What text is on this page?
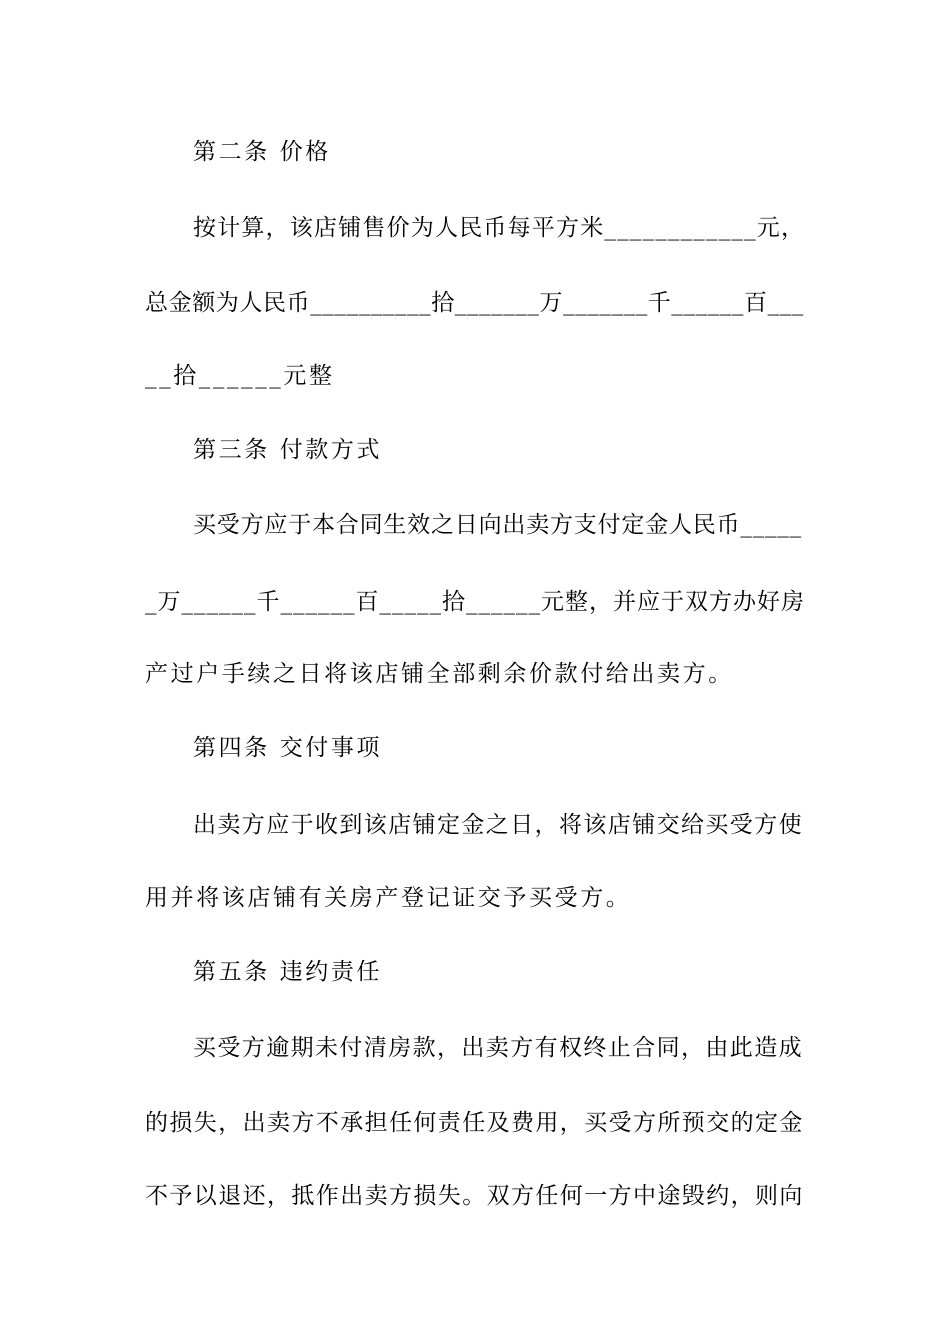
第二条 价格
按计算，该店铺售价为人民币每平方米____________元，
总金额为人民币__________拾_______万_______千______百___
__拾______元整
第三条 付款方式
买受方应于本合同生效之日向出卖方支付定金人民币_____
_万______千______百_____拾______元整，并应于双方办好房
产过户手续之日将该店铺全部剩余价款付给出卖方。
第四条 交付事项
出卖方应于收到该店铺定金之日，将该店铺交给买受方使
用并将该店铺有关房产登记证交予买受方。
第五条 违约责任
买受方逾期未付清房款，出卖方有权终止合同，由此造成
的损失，出卖方不承担任何责任及费用，买受方所预交的定金
不予以退还，抵作出卖方损失。双方任何一方中途毁约，则向
